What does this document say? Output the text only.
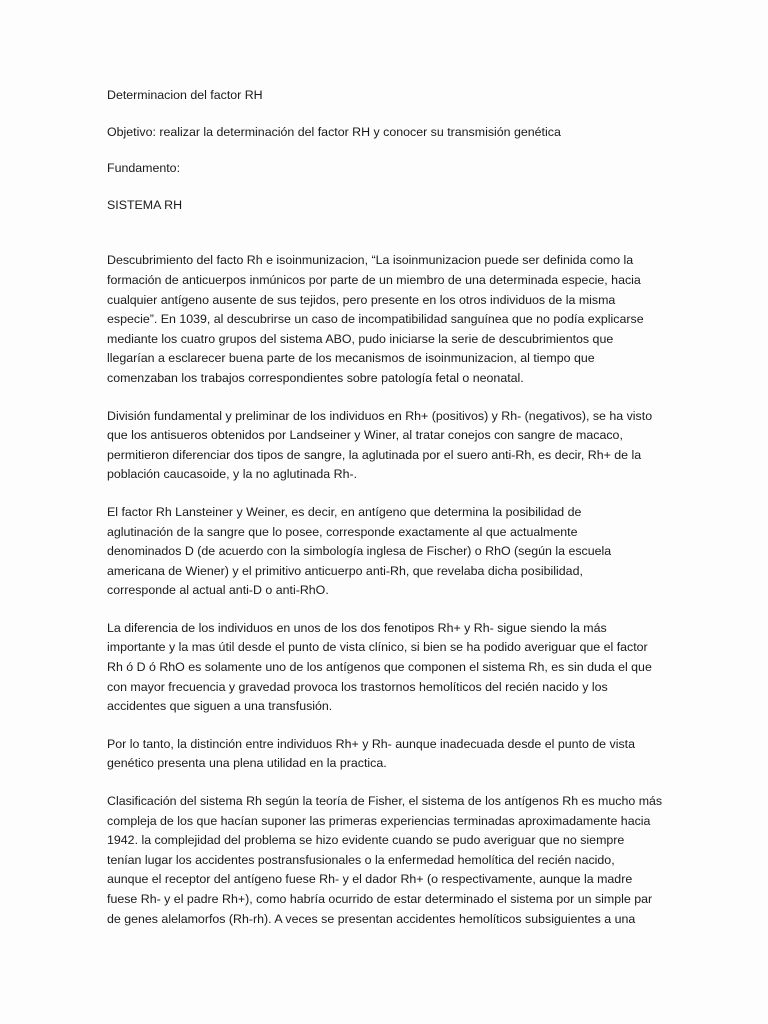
Determinacion del factor RH

Objetivo: realizar la determinación del factor RH y conocer su transmisión genética

Fundamento:

SISTEMA RH

Descubrimiento del facto Rh e isoinmunizacion, “La isoinmunizacion puede ser definida como la

formación de anticuerpos inmúnicos por parte de un miembro de una determinada especie, hacia

cualquier antígeno ausente de sus tejidos, pero presente en los otros individuos de la misma

especie”. En 1039, al descubrirse un caso de incompatibilidad sanguínea que no podía explicarse

mediante los cuatro grupos del sistema ABO, pudo iniciarse la serie de descubrimientos que

llegarían a esclarecer buena parte de los mecanismos de isoinmunizacion, al tiempo que

comenzaban los trabajos correspondientes sobre patología fetal o neonatal.

División fundamental y preliminar de los individuos en Rh+ (positivos) y Rh- (negativos), se ha visto

que los antisueros obtenidos por Landseiner y Winer, al tratar conejos con sangre de macaco,

permitieron diferenciar dos tipos de sangre, la aglutinada por el suero anti-Rh, es decir, Rh+ de la

población caucasoide, y la no aglutinada Rh-.

El factor Rh Lansteiner y Weiner, es decir, en antígeno que determina la posibilidad de

aglutinación de la sangre que lo posee, corresponde exactamente al que actualmente

denominados D (de acuerdo con la simbología inglesa de Fischer) o RhO (según la escuela

americana de Wiener) y el primitivo anticuerpo anti-Rh, que revelaba dicha posibilidad,

corresponde al actual anti-D o anti-RhO.

La diferencia de los individuos en unos de los dos fenotipos Rh+ y Rh- sigue siendo la más

importante y la mas útil desde el punto de vista clínico, si bien se ha podido averiguar que el factor

Rh ó D ó RhO es solamente uno de los antígenos que componen el sistema Rh, es sin duda el que

con mayor frecuencia y gravedad provoca los trastornos hemolíticos del recién nacido y los

accidentes que siguen a una transfusión.

Por lo tanto, la distinción entre individuos Rh+ y Rh- aunque inadecuada desde el punto de vista

genético presenta una plena utilidad en la practica.

Clasificación del sistema Rh según la teoría de Fisher, el sistema de los antígenos Rh es mucho más

compleja de los que hacían suponer las primeras experiencias terminadas aproximadamente hacia

1942. la complejidad del problema se hizo evidente cuando se pudo averiguar que no siempre

tenían lugar los accidentes postransfusionales o la enfermedad hemolítica del recién nacido,

aunque el receptor del antígeno fuese Rh- y el dador Rh+ (o respectivamente, aunque la madre

fuese Rh- y el padre Rh+), como habría ocurrido de estar determinado el sistema por un simple par

de genes alelamorfos (Rh-rh). A veces se presentan accidentes hemolíticos subsiguientes a una
